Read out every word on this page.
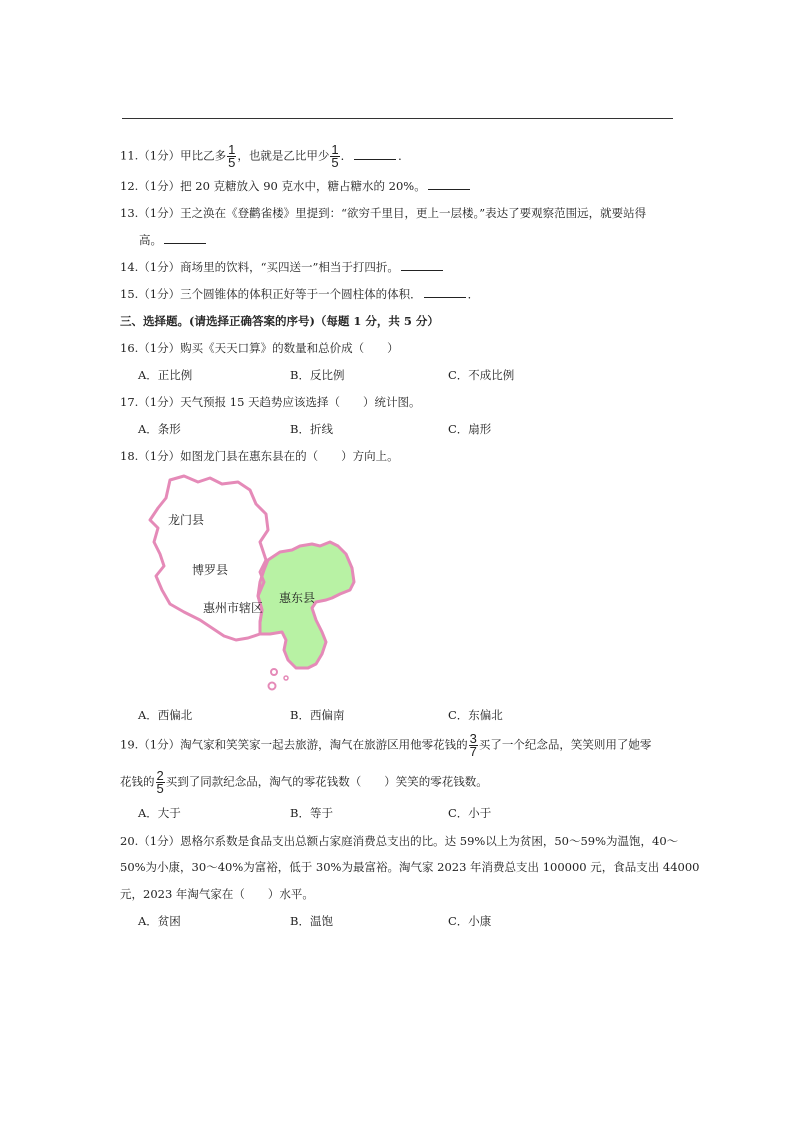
11.（1分）甲比乙多 $\frac{1}{5}$ ，也就是乙比甲少 $\frac{1}{5}$ ．	．
12.（1分）把 20 克糖放入 90 克水中，糖占糖水的 20%。
13.（1分）王之涣在《登鹳雀楼》里提到：“欲穷千里目，更上一层楼。”表达了要观察范围远，就要站得
高。
14.（1分）商场里的饮料，“买四送一”相当于打四折。
15.（1分）三个圆锥体的体积正好等于一个圆柱体的体积．	．
三、选择题。(请选择正确答案的序号)（每题 1 分，共 5 分）
16.（1分）购买《天天口算》的数量和总价成（　　）
A．正比例	B．反比例	C．不成比例
17.（1分）天气预报 15 天趋势应该选择（　　）统计图。
A．条形	B．折线	C．扇形
18.（1分）如图龙门县在惠东县在的（　　）方向上。
龙门县
博罗县
惠州市辖区
惠东县
A．西偏北	B．西偏南	C．东偏北
19.（1分）淘气家和笑笑家一起去旅游，淘气在旅游区用他零花钱的 $\frac{3}{7}$ 买了一个纪念品，笑笑则用了她零
花钱的 $\frac{2}{5}$ 买到了同款纪念品，淘气的零花钱数（　　）笑笑的零花钱数。
A．大于	B．等于	C．小于
20.（1分）恩格尔系数是食品支出总额占家庭消费总支出的比。达 59%以上为贫困，50～59%为温饱，40～
50%为小康，30～40%为富裕，低于 30%为最富裕。淘气家 2023 年消费总支出 100000 元，食品支出 44000
元，2023 年淘气家在（　　）水平。
A．贫困	B．温饱	C．小康
